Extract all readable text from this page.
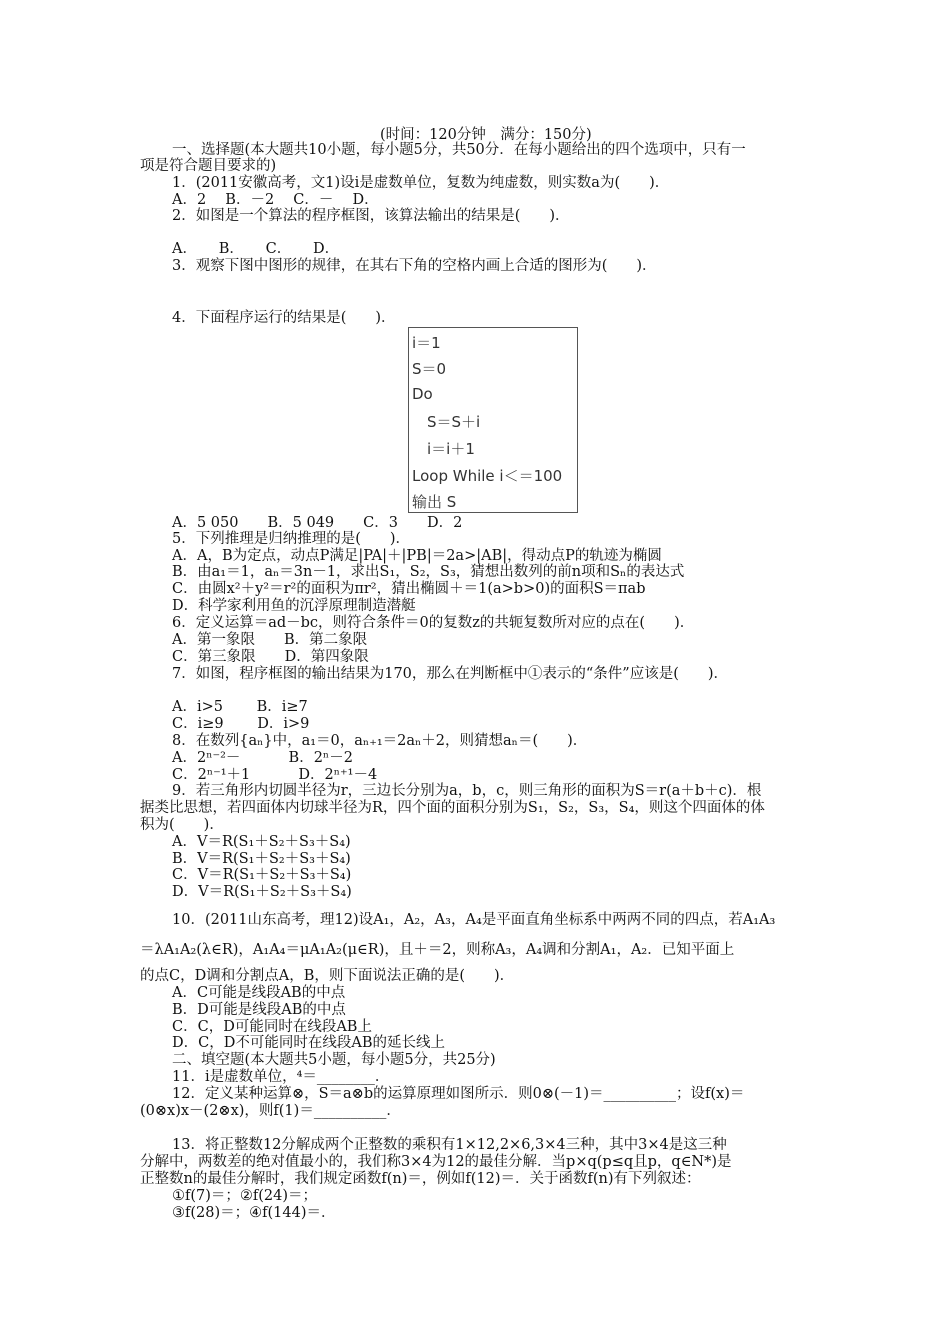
(时间：120分钟　满分：150分)
一、选择题(本大题共10小题，每小题5分，共50分．在每小题给出的四个选项中，只有一
项是符合题目要求的)
1．(2011安徽高考，文1)设i是虚数单位，复数为纯虚数，则实数a为(　　)．
A．2　 B．－2　 C．－　 D．
2．如图是一个算法的程序框图，该算法输出的结果是(　　)．
A．　　B．　　C．　　D．
3．观察下图中图形的规律，在其右下角的空格内画上合适的图形为(　　)．
4．下面程序运行的结果是(　　)．
i＝1
S＝0
Do
　S＝S＋i
　i＝i＋1
Loop While i＜＝100
输出 S
A．5 050　　B．5 049　　C．3　　D．2
5．下列推理是归纳推理的是(　　)．
A．A，B为定点，动点P满足|PA|＋|PB|＝2a>|AB|，得动点P的轨迹为椭圆
B．由a₁＝1，aₙ＝3n－1，求出S₁，S₂，S₃，猜想出数列的前n项和Sₙ的表达式
C．由圆x²＋y²＝r²的面积为πr²，猜出椭圆＋＝1(a>b>0)的面积S＝πab
D．科学家利用鱼的沉浮原理制造潜艇
6．定义运算＝ad－bc，则符合条件＝0的复数z的共轭复数所对应的点在(　　)．
A．第一象限　　B．第二象限
C．第三象限　　D．第四象限
7．如图，程序框图的输出结果为170，那么在判断框中①表示的“条件”应该是(　　)．
A．i>5　　 B．i≥7
C．i≥9　　 D．i>9
8．在数列{aₙ}中，a₁＝0，aₙ₊₁＝2aₙ＋2，则猜想aₙ＝(　　)．
A．2ⁿ⁻²－　　　 B．2ⁿ－2
C．2ⁿ⁻¹＋1　　　 D．2ⁿ⁺¹－4
9．若三角形内切圆半径为r，三边长分别为a，b，c，则三角形的面积为S＝r(a＋b＋c)．根
据类比思想，若四面体内切球半径为R，四个面的面积分别为S₁，S₂，S₃，S₄，则这个四面体的体
积为(　　)．
A．V＝R(S₁＋S₂＋S₃＋S₄)
B．V＝R(S₁＋S₂＋S₃＋S₄)
C．V＝R(S₁＋S₂＋S₃＋S₄)
D．V＝R(S₁＋S₂＋S₃＋S₄)
10．(2011山东高考，理12)设A₁，A₂，A₃，A₄是平面直角坐标系中两两不同的四点，若A₁A₃
＝λA₁A₂(λ∈R)，A₁A₄＝μA₁A₂(μ∈R)，且＋＝2，则称A₃，A₄调和分割A₁，A₂．已知平面上
的点C，D调和分割点A，B，则下面说法正确的是(　　)．
A．C可能是线段AB的中点
B．D可能是线段AB的中点
C．C，D可能同时在线段AB上
D．C，D不可能同时在线段AB的延长线上
二、填空题(本大题共5小题，每小题5分，共25分)
11．i是虚数单位，⁴＝________．
12．定义某种运算⊗，S＝a⊗b的运算原理如图所示．则0⊗(－1)＝__________；设f(x)＝
(0⊗x)x－(2⊗x)，则f(1)＝__________．
13．将正整数12分解成两个正整数的乘积有1×12,2×6,3×4三种，其中3×4是这三种
分解中，两数差的绝对值最小的，我们称3×4为12的最佳分解．当p×q(p≤q且p，q∈N*)是
正整数n的最佳分解时，我们规定函数f(n)＝，例如f(12)＝．关于函数f(n)有下列叙述：
①f(7)＝；②f(24)＝；
③f(28)＝；④f(144)＝．
